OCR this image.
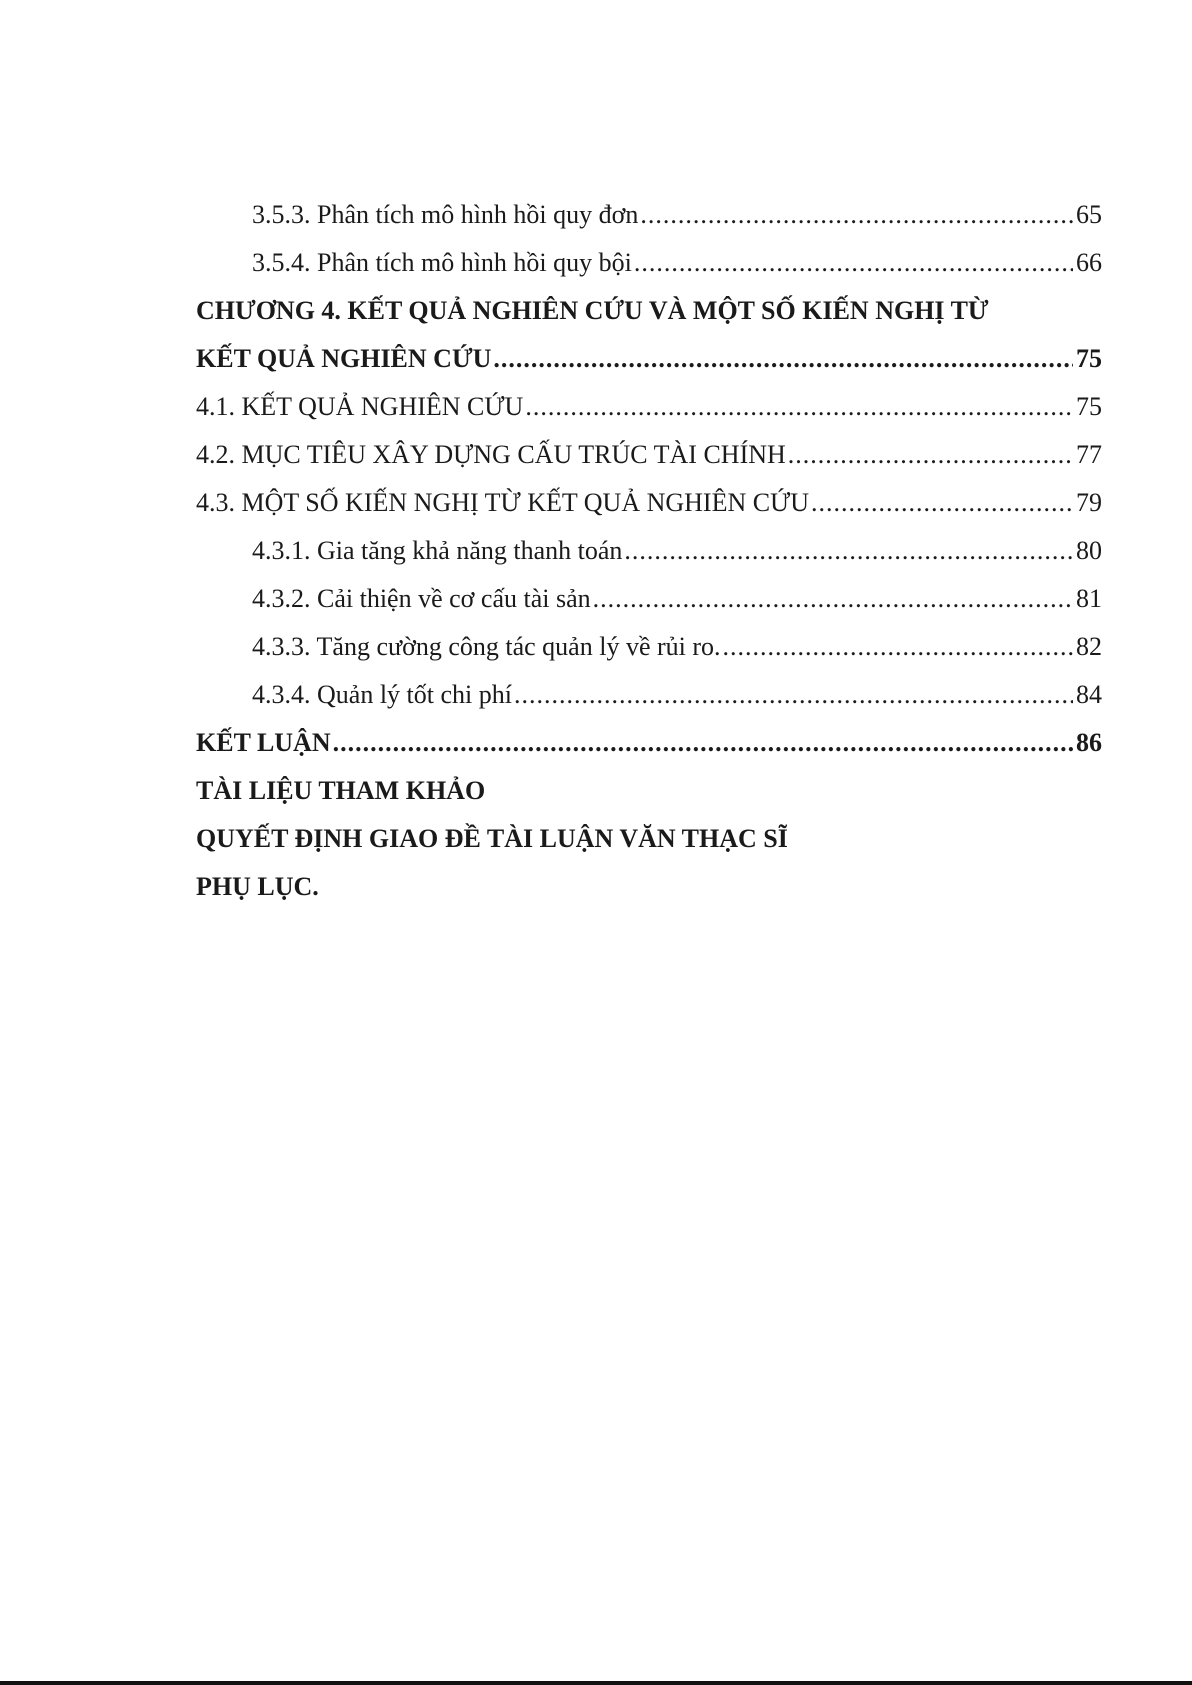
3.5.3. Phân tích mô hình hồi quy đơn .....	65
3.5.4. Phân tích mô hình hồi quy bội .....	66
CHƯƠNG 4. KẾT QUẢ NGHIÊN CỨU VÀ MỘT SỐ KIẾN NGHỊ TỪ
KẾT QUẢ NGHIÊN CỨU .....	75
4.1. KẾT QUẢ NGHIÊN CỨU .....	75
4.2. MỤC TIÊU XÂY DỰNG CẤU TRÚC TÀI CHÍNH .....	77
4.3. MỘT SỐ KIẾN NGHỊ TỪ KẾT QUẢ NGHIÊN CỨU .....	79
4.3.1. Gia tăng khả năng thanh toán .....	80
4.3.2. Cải thiện về cơ cấu tài sản .....	81
4.3.3. Tăng cường công tác quản lý về rủi ro. .....	82
4.3.4. Quản lý tốt chi phí .....	84
KẾT LUẬN .....	86
TÀI LIỆU THAM KHẢO
QUYẾT ĐỊNH GIAO ĐỀ TÀI LUẬN VĂN THẠC SĨ
PHỤ LỤC.
